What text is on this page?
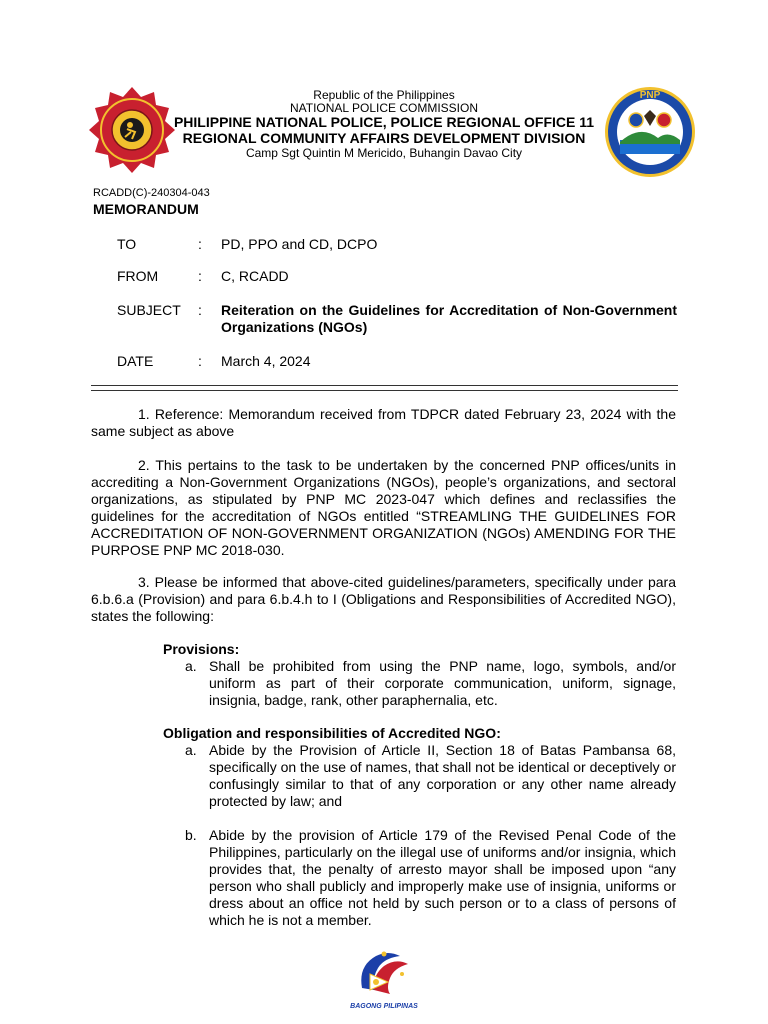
Republic of the Philippines
NATIONAL POLICE COMMISSION
PHILIPPINE NATIONAL POLICE, POLICE REGIONAL OFFICE 11
REGIONAL COMMUNITY AFFAIRS DEVELOPMENT DIVISION
Camp Sgt Quintin M Mericido, Buhangin Davao City
PNP
RCADD(C)-240304-043
MEMORANDUM
TO	: PD, PPO and CD, DCPO
FROM	: C, RCADD
SUBJECT : Reiteration on the Guidelines for Accreditation of Non-Government Organizations (NGOs)
DATE	: March 4, 2024
1. Reference: Memorandum received from TDPCR dated February 23, 2024 with the same subject as above
2. This pertains to the task to be undertaken by the concerned PNP offices/units in accrediting a Non-Government Organizations (NGOs), people’s organizations, and sectoral organizations, as stipulated by PNP MC 2023-047 which defines and reclassifies the guidelines for the accreditation of NGOs entitled “STREAMLING THE GUIDELINES FOR ACCREDITATION OF NON-GOVERNMENT ORGANIZATION (NGOs) AMENDING FOR THE PURPOSE PNP MC 2018-030.
3. Please be informed that above-cited guidelines/parameters, specifically under para 6.b.6.a (Provision) and para 6.b.4.h to I (Obligations and Responsibilities of Accredited NGO), states the following:
Provisions:
a. Shall be prohibited from using the PNP name, logo, symbols, and/or uniform as part of their corporate communication, uniform, signage, insignia, badge, rank, other paraphernalia, etc.
Obligation and responsibilities of Accredited NGO:
a. Abide by the Provision of Article II, Section 18 of Batas Pambansa 68, specifically on the use of names, that shall not be identical or deceptively or confusingly similar to that of any corporation or any other name already protected by law; and
b. Abide by the provision of Article 179 of the Revised Penal Code of the Philippines, particularly on the illegal use of uniforms and/or insignia, which provides that, the penalty of arresto mayor shall be imposed upon “any person who shall publicly and improperly make use of insignia, uniforms or dress about an office not held by such person or to a class of persons of which he is not a member.
BAGONG PILIPINAS
